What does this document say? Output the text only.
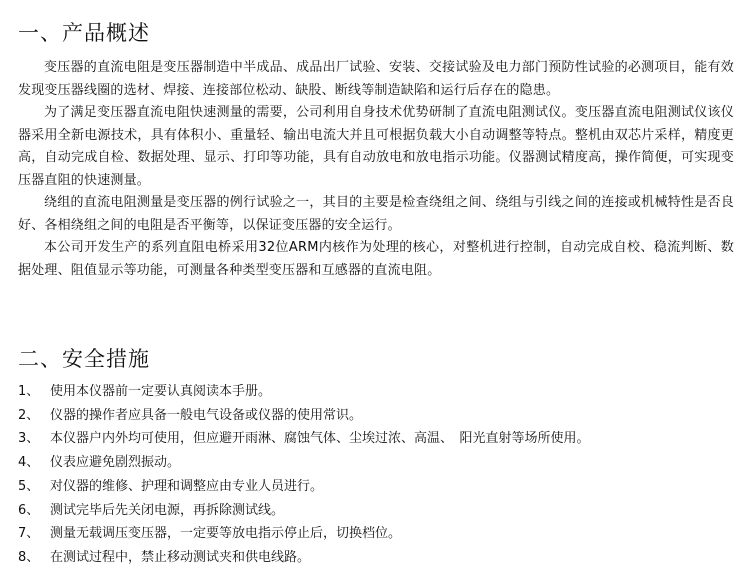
一、产品概述

变压器的直流电阻是变压器制造中半成品、成品出厂试验、安装、交接试验及电力部门预防性试验的必测项目，能有效发现变压器线圈的选材、焊接、连接部位松动、缺股、断线等制造缺陷和运行后存在的隐患。

为了满足变压器直流电阻快速测量的需要，公司利用自身技术优势研制了直流电阻测试仪。变压器直流电阻测试仪该仪器采用全新电源技术，具有体积小、重量轻、输出电流大并且可根据负载大小自动调整等特点。整机由双芯片采样，精度更高，自动完成自检、数据处理、显示、打印等功能，具有自动放电和放电指示功能。仪器测试精度高，操作简便，可实现变压器直阻的快速测量。

绕组的直流电阻测量是变压器的例行试验之一，其目的主要是检查绕组之间、绕组与引线之间的连接或机械特性是否良好、各相绕组之间的电阻是否平衡等，以保证变压器的安全运行。

本公司开发生产的系列直阻电桥采用32位ARM内核作为处理的核心，对整机进行控制，自动完成自校、稳流判断、数据处理、阻值显示等功能，可测量各种类型变压器和互感器的直流电阻。

二、安全措施
1、 使用本仪器前一定要认真阅读本手册。
2、 仪器的操作者应具备一般电气设备或仪器的使用常识。
3、 本仪器户内外均可使用，但应避开雨淋、腐蚀气体、尘埃过浓、高温、　阳光直射等场所使用。
4、 仪表应避免剧烈振动。
5、 对仪器的维修、护理和调整应由专业人员进行。
6、 测试完毕后先关闭电源，再拆除测试线。
7、 测量无载调压变压器，一定要等放电指示停止后，切换档位。
8、 在测试过程中，禁止移动测试夹和供电线路。
